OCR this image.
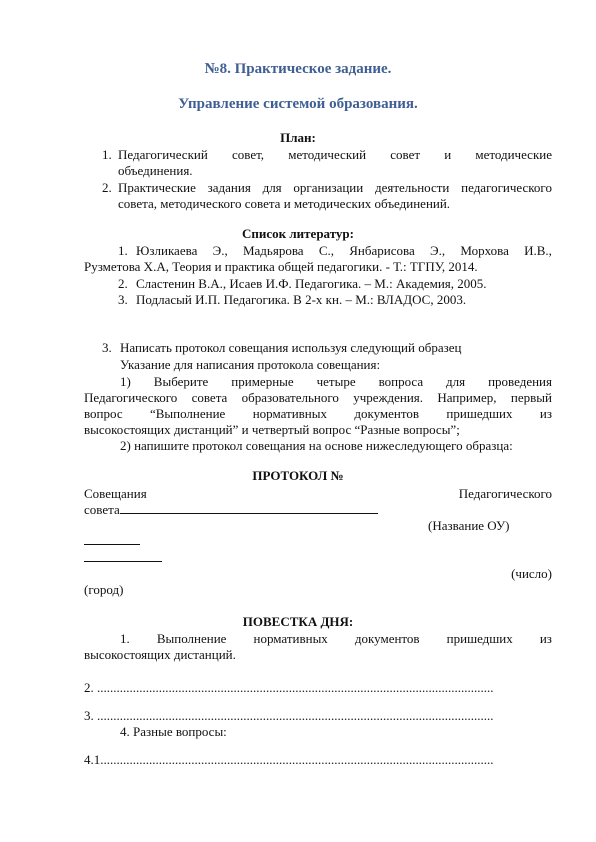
№8. Практическое задание.
Управление системой образования.
План:
1. Педагогический совет, методический совет и методические
объединения.
2. Практические задания для организации деятельности педагогического
совета, методического совета и методических объединений.
Список литератур:
1. Юзликаева Э., Мадьярова С., Янбарисова Э., Морхова И.В.,
Рузметова Х.А, Теория и практика общей педагогики. - Т.: ТГПУ, 2014.
2. Сластенин В.А., Исаев И.Ф. Педагогика. – М.: Академия, 2005.
3. Подласый И.П. Педагогика. В 2-х кн. – М.: ВЛАДОС, 2003.
3. Написать протокол совещания используя следующий образец
Указание для написания протокола совещания:
1) Выберите примерные четыре вопроса для проведения
Педагогического совета образовательного учреждения. Например, первый
вопрос “Выполнение нормативных документов пришедших из
высокостоящих дистанций” и четвертый вопрос “Разные вопросы”;
2) напишите протокол совещания на основе нижеследующего образца:
ПРОТОКОЛ №
Совещания	Педагогического
совета
(Название ОУ)
(число)
(город)
ПОВЕСТКА ДНЯ:
1. Выполнение нормативных документов пришедших из
высокостоящих дистанций.
2. ..........................................................................................................................
3. ..........................................................................................................................
4. Разные вопросы:
4.1.........................................................................................................................
